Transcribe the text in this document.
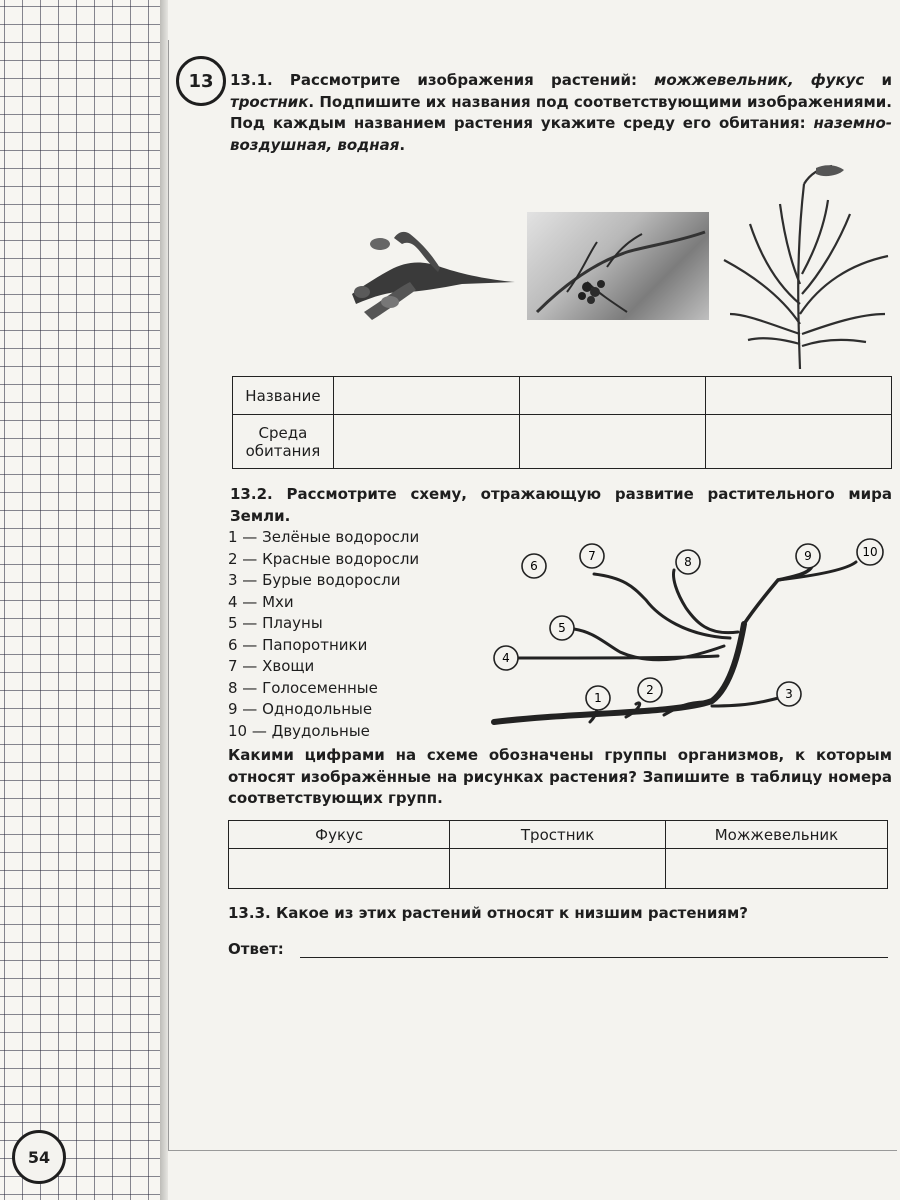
13	13.1. Рассмотрите изображения растений: можжевельник, фукус и тростник. Подпишите их названия под соответствующими изображениями. Под каждым названием растения укажите среду его обитания: наземно-воздушная, водная.
Название			
Среда
обитания			
13.2. Рассмотрите схему, отражающую развитие растительного мира Земли.
1 — Зелёные водоросли
2 — Красные водоросли
3 — Бурые водоросли
4 — Мхи
5 — Плауны
6 — Папоротники
7 — Хвощи
8 — Голосеменные
9 — Однодольные
10 — Двудольные
1
2	3
4
5
6
7	8	9	10
Какими цифрами на схеме обозначены группы организмов, к которым относят изображённые на рисунках растения? Запишите в таблицу номера соответствующих групп.
Фукус	Тростник	Можжевельник

13.3. Какое из этих растений относят к низшим растениям?
Ответ:
54
